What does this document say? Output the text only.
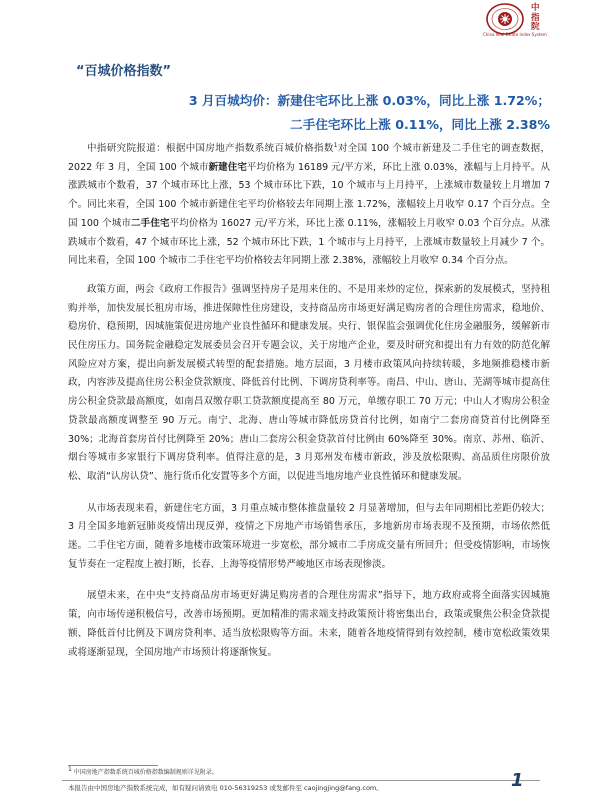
China Real Estate Index System
中
指
院
“百城价格指数”
3 月百城均价：新建住宅环比上涨 0.03%，同比上涨 1.72%；
二手住宅环比上涨 0.11%，同比上涨 2.38%

中指研究院报道：根据中国房地产指数系统百城价格指数$^1$对全国 100 个城市新建及二手住宅的调查数据，2022 年 3 月，全国 100 个城市新建住宅平均价格为 16189 元/平方米，环比上涨 0.03%，涨幅与上月持平。从涨跌城市个数看，37 个城市环比上涨，53 个城市环比下跌，10 个城市与上月持平，上涨城市数量较上月增加 7 个。同比来看，全国 100 个城市新建住宅平均价格较去年同期上涨 1.72%，涨幅较上月收窄 0.17 个百分点。全国 100 个城市二手住宅平均价格为 16027 元/平方米，环比上涨 0.11%，涨幅较上月收窄 0.03 个百分点。从涨跌城市个数看，47 个城市环比上涨，52 个城市环比下跌，1 个城市与上月持平，上涨城市数量较上月减少 7 个。同比来看，全国 100 个城市二手住宅平均价格较去年同期上涨 2.38%，涨幅较上月收窄 0.34 个百分点。

政策方面，两会《政府工作报告》强调坚持房子是用来住的、不是用来炒的定位，探索新的发展模式，坚持租购并举，加快发展长租房市场，推进保障性住房建设，支持商品房市场更好满足购房者的合理住房需求，稳地价、稳房价、稳预期，因城施策促进房地产业良性循环和健康发展。央行、银保监会强调优化住房金融服务，缓解新市民住房压力。国务院金融稳定发展委员会召开专题会议，关于房地产企业，要及时研究和提出有力有效的防范化解风险应对方案，提出向新发展模式转型的配套措施。地方层面，3 月楼市政策风向持续转暖，多地频推稳楼市新政，内容涉及提高住房公积金贷款额度、降低首付比例、下调房贷利率等。南昌、中山、唐山、芜湖等城市提高住房公积金贷款最高额度，如南昌双缴存职工贷款额度提高至 80 万元，单缴存职工 70 万元；中山人才购房公积金贷款最高额度调整至 90 万元。南宁、北海、唐山等城市降低房贷首付比例，如南宁二套房商贷首付比例降至 30%；北海首套房首付比例降至 20%；唐山二套房公积金贷款首付比例由 60%降至 30%。南京、苏州、临沂、烟台等城市多家银行下调房贷利率。值得注意的是，3 月郑州发布楼市新政，涉及放松限购、高品质住房限价放松、取消“认房认贷”、施行货币化安置等多个方面，以促进当地房地产业良性循环和健康发展。

从市场表现来看，新建住宅方面，3 月重点城市整体推盘量较 2 月显著增加，但与去年同期相比差距仍较大；3 月全国多地新冠肺炎疫情出现反弹，疫情之下房地产市场销售承压，多地新房市场表现不及预期，市场依然低迷。二手住宅方面，随着多地楼市政策环境进一步宽松，部分城市二手房成交量有所回升；但受疫情影响，市场恢复节奏在一定程度上被打断，长春、上海等疫情形势严峻地区市场表现惨淡。

展望未来，在中央“支持商品房市场更好满足购房者的合理住房需求”指导下，地方政府或将全面落实因城施策，向市场传递积极信号，改善市场预期。更加精准的需求端支持政策预计将密集出台，政策或聚焦公积金贷款提额、降低首付比例及下调房贷利率、适当放松限购等方面。未来，随着各地疫情得到有效控制，楼市宽松政策效果或将逐渐显现，全国房地产市场预计将逐渐恢复。

$^1$ 中国房地产指数系统百城价格指数编制规则详见附录。
本报告由中国房地产指数系统完成，如有疑问请致电 010-56319253 或发邮件至 caojingjing@fang.com。	1
